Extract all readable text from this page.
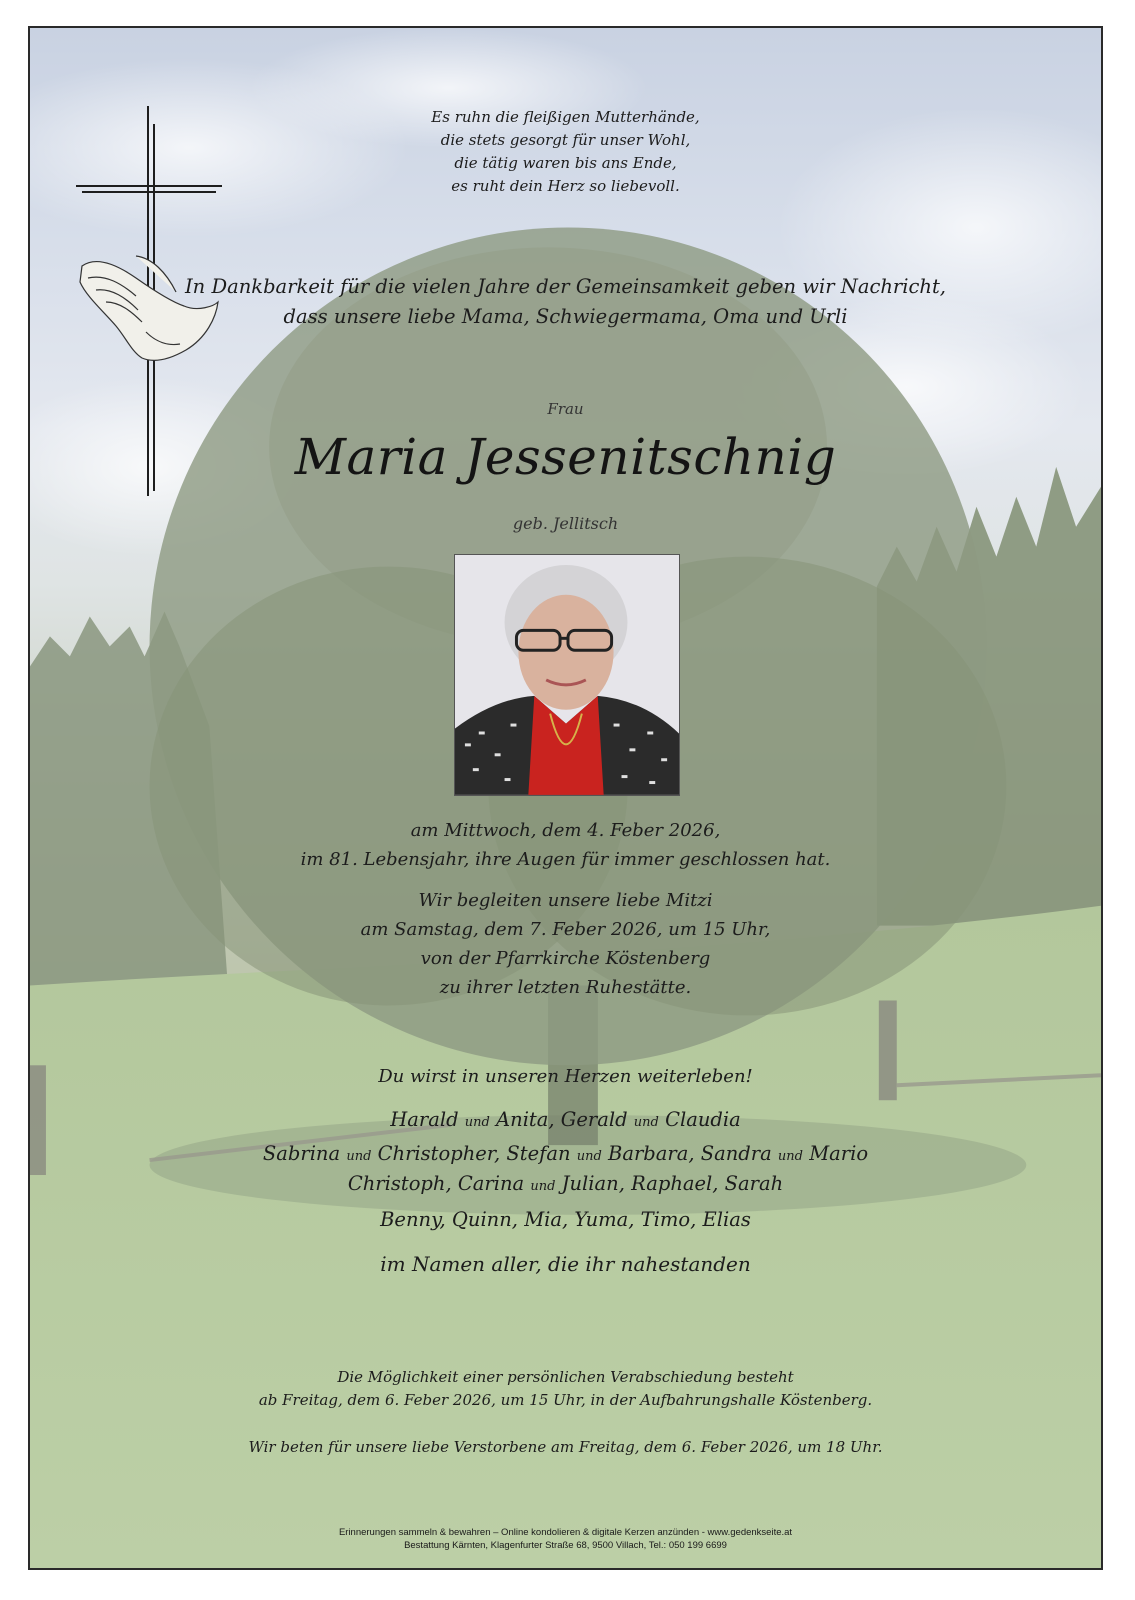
Es ruhn die fleißigen Mutterhände,
die stets gesorgt für unser Wohl,
die tätig waren bis ans Ende,
es ruht dein Herz so liebevoll.
In Dankbarkeit für die vielen Jahre der Gemeinsamkeit geben wir Nachricht,
dass unsere liebe Mama, Schwiegermama, Oma und Urli
Frau
Maria Jessenitschnig
geb. Jellitsch
am Mittwoch, dem 4. Feber 2026,
im 81. Lebensjahr, ihre Augen für immer geschlossen hat.
Wir begleiten unsere liebe Mitzi
am Samstag, dem 7. Feber 2026, um 15 Uhr,
von der Pfarrkirche Köstenberg
zu ihrer letzten Ruhestätte.
Du wirst in unseren Herzen weiterleben!
Harald und Anita, Gerald und Claudia
Sabrina und Christopher, Stefan und Barbara, Sandra und Mario
Christoph, Carina und Julian, Raphael, Sarah
Benny, Quinn, Mia, Yuma, Timo, Elias
im Namen aller, die ihr nahestanden
Die Möglichkeit einer persönlichen Verabschiedung besteht
ab Freitag, dem 6. Feber 2026, um 15 Uhr, in der Aufbahrungshalle Köstenberg.
Wir beten für unsere liebe Verstorbene am Freitag, dem 6. Feber 2026, um 18 Uhr.
Erinnerungen sammeln & bewahren – Online kondolieren & digitale Kerzen anzünden - www.gedenkseite.at
Bestattung Kärnten, Klagenfurter Straße 68, 9500 Villach, Tel.: 050 199 6699
